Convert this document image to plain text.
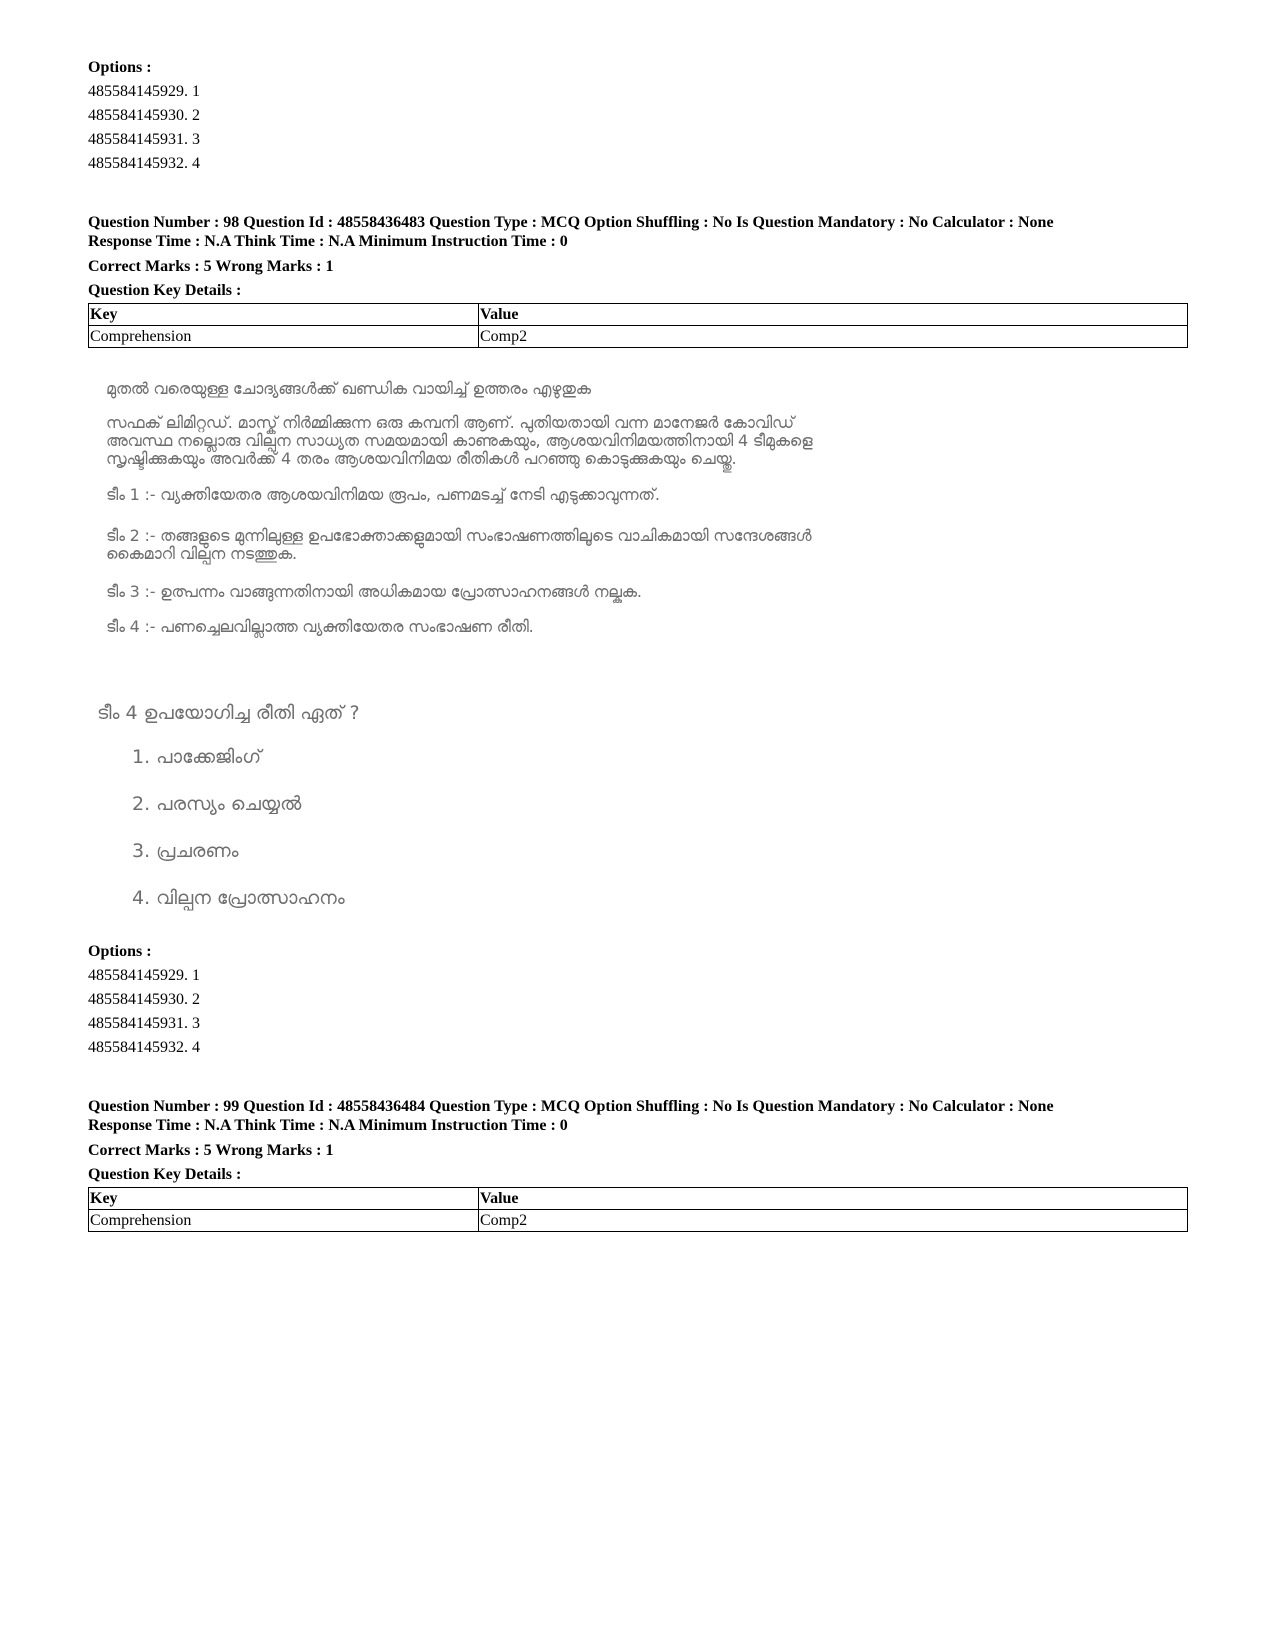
Options :
485584145929. 1
485584145930. 2
485584145931. 3
485584145932. 4
Question Number : 98 Question Id : 48558436483 Question Type : MCQ Option Shuffling : No Is Question Mandatory : No Calculator : None
Response Time : N.A Think Time : N.A Minimum Instruction Time : 0
Correct Marks : 5 Wrong Marks : 1
Question Key Details :
Key	Value
Comprehension	Comp2
മുതൽ വരെയുള്ള ചോദ്യങ്ങൾക്ക് ഖണ്ഡിക വായിച്ച് ഉത്തരം എഴുതുക
സഫക് ലിമിറ്റഡ്. മാസ്ക് നിർമ്മിക്കുന്ന ഒരു കമ്പനി ആണ്. പുതിയതായി വന്ന മാനേജർ കോവിഡ്
അവസ്ഥ നല്ലൊരു വില്പന സാധ്യത സമയമായി കാണുകയും, ആശയവിനിമയത്തിനായി 4 ടീമുകളെ
സൃഷ്ടിക്കുകയും അവർക്ക് 4 തരം ആശയവിനിമയ രീതികൾ പറഞ്ഞു കൊടുക്കുകയും ചെയ്തു.
ടീം 1 :- വ്യക്തിയേതര ആശയവിനിമയ രൂപം, പണമടച്ച് നേടി എടുക്കാവുന്നത്.
ടീം 2 :- തങ്ങളുടെ മുന്നിലുള്ള ഉപഭോക്താക്കളുമായി സംഭാഷണത്തിലൂടെ വാചികമായി സന്ദേശങ്ങൾ
കൈമാറി വില്പന നടത്തുക.
ടീം 3 :- ഉത്പന്നം വാങ്ങുന്നതിനായി അധികമായ പ്രോത്സാഹനങ്ങൾ നല്കുക.
ടീം 4 :- പണച്ചെലവില്ലാത്ത വ്യക്തിയേതര സംഭാഷണ രീതി.
ടീം 4 ഉപയോഗിച്ച രീതി ഏത് ?
1. പാക്കേജിംഗ്
2. പരസ്യം ചെയ്യൽ
3. പ്രചരണം
4. വില്പന പ്രോത്സാഹനം
Options :
485584145929. 1
485584145930. 2
485584145931. 3
485584145932. 4
Question Number : 99 Question Id : 48558436484 Question Type : MCQ Option Shuffling : No Is Question Mandatory : No Calculator : None
Response Time : N.A Think Time : N.A Minimum Instruction Time : 0
Correct Marks : 5 Wrong Marks : 1
Question Key Details :
Key	Value
Comprehension	Comp2
